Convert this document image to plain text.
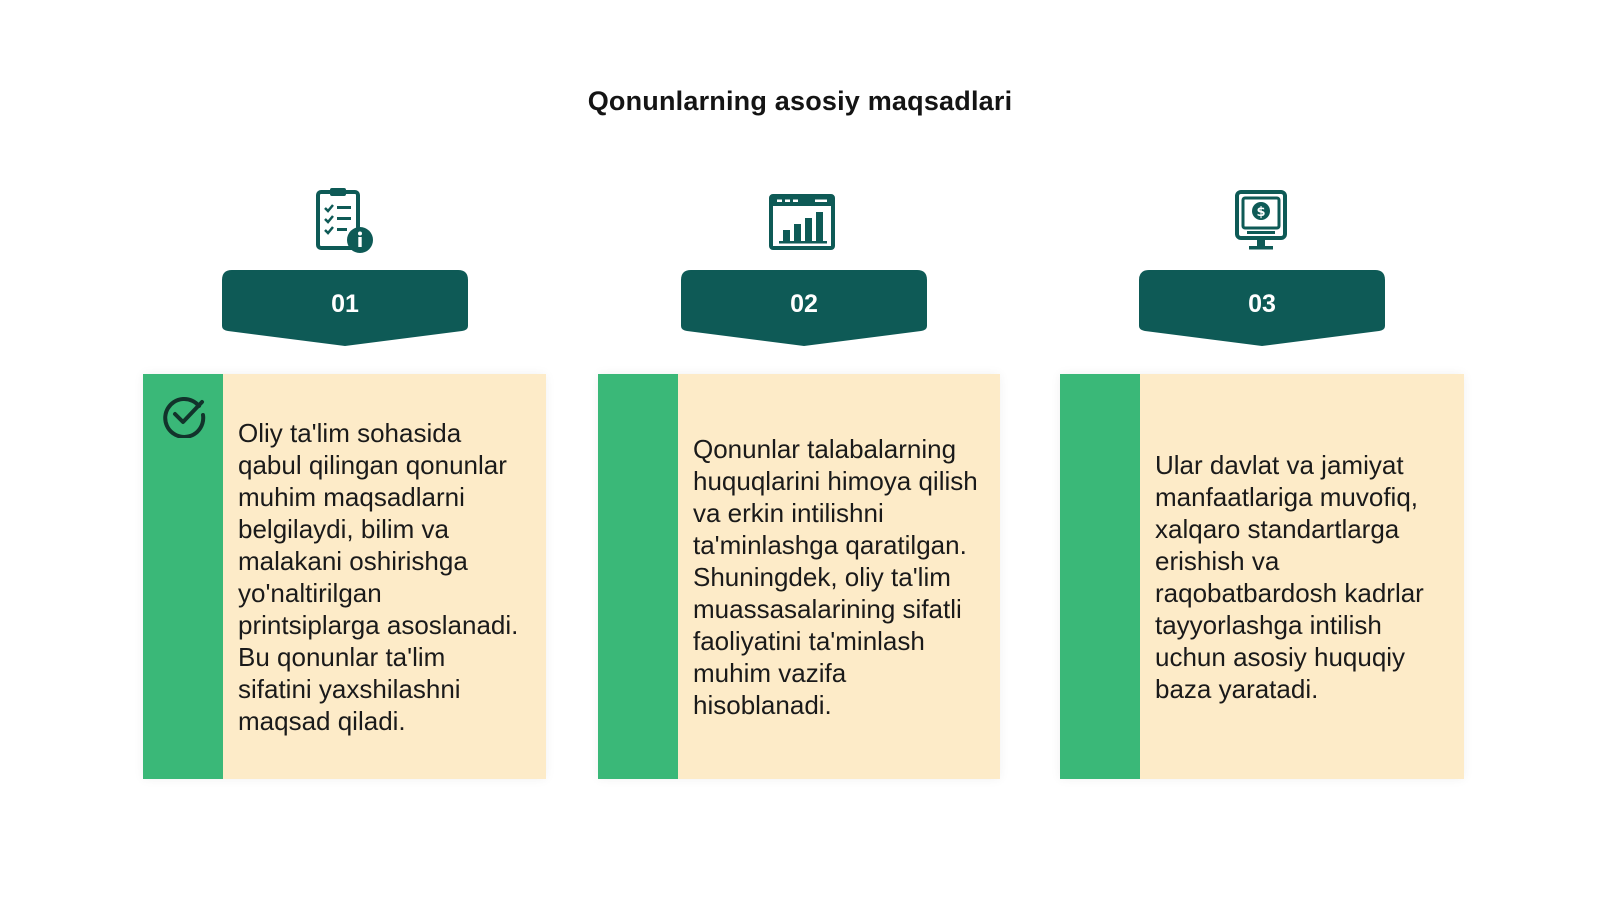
Qonunlarning asosiy maqsadlari
01
Oliy ta'lim sohasida qabul qilingan qonunlar muhim maqsadlarni belgilaydi, bilim va malakani oshirishga yo'naltirilgan printsiplarga asoslanadi. Bu qonunlar ta'lim sifatini yaxshilashni maqsad qiladi.
02
Qonunlar talabalarning huquqlarini himoya qilish va erkin intilishni ta'minlashga qaratilgan. Shuningdek, oliy ta'lim muassasalarining sifatli faoliyatini ta'minlash muhim vazifa hisoblanadi.
$
03
Ular davlat va jamiyat manfaatlariga muvofiq, xalqaro standartlarga erishish va raqobatbardosh kadrlar tayyorlashga intilish uchun asosiy huquqiy baza yaratadi.
